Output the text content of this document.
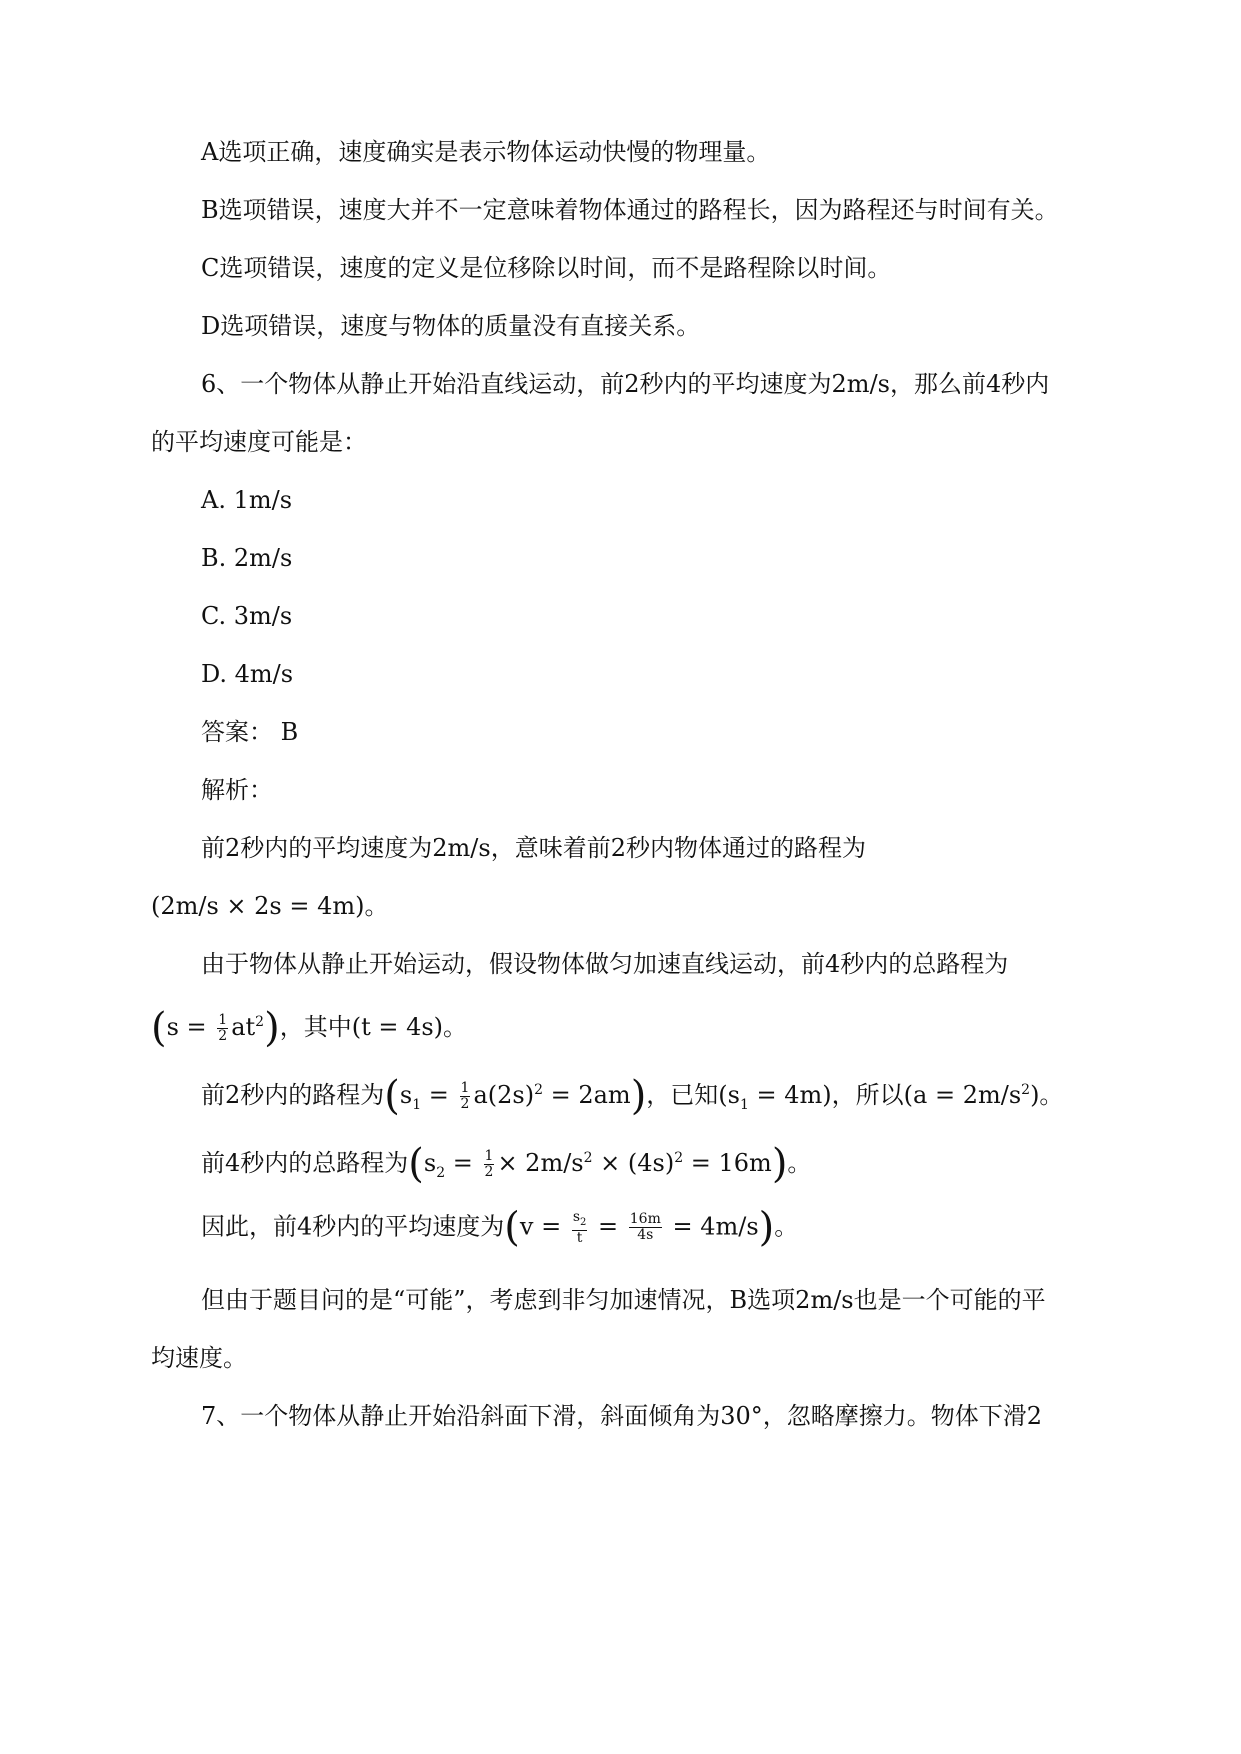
A选项正确，速度确实是表示物体运动快慢的物理量。
B选项错误，速度大并不一定意味着物体通过的路程长，因为路程还与时间有关。
C选项错误，速度的定义是位移除以时间，而不是路程除以时间。
D选项错误，速度与物体的质量没有直接关系。
6、一个物体从静止开始沿直线运动，前2秒内的平均速度为2m/s，那么前4秒内
的平均速度可能是：
A. 1m/s
B. 2m/s
C. 3m/s
D. 4m/s
答案： B
解析：
前2秒内的平均速度为2m/s，意味着前2秒内物体通过的路程为
(2m/s × 2s = 4m)。
由于物体从静止开始运动，假设物体做匀加速直线运动，前4秒内的总路程为
$(s = \frac{1}{2} at^2)$，其中(t = 4s)。
前2秒内的路程为$(s_1 = \frac{1}{2} a(2s)^2 = 2am)$，已知$(s_1 = 4m)$，所以$(a = 2m/s^2)$。
前4秒内的总路程为$(s_2 = \frac{1}{2} \times 2m/s^2 \times (4s)^2 = 16m)$。
因此，前4秒内的平均速度为$(v = \frac{s_2}{t} = \frac{16m}{4s} = 4m/s)$。
但由于题目问的是“可能”，考虑到非匀加速情况，B选项2m/s也是一个可能的平
均速度。
7、一个物体从静止开始沿斜面下滑，斜面倾角为30°，忽略摩擦力。物体下滑2
